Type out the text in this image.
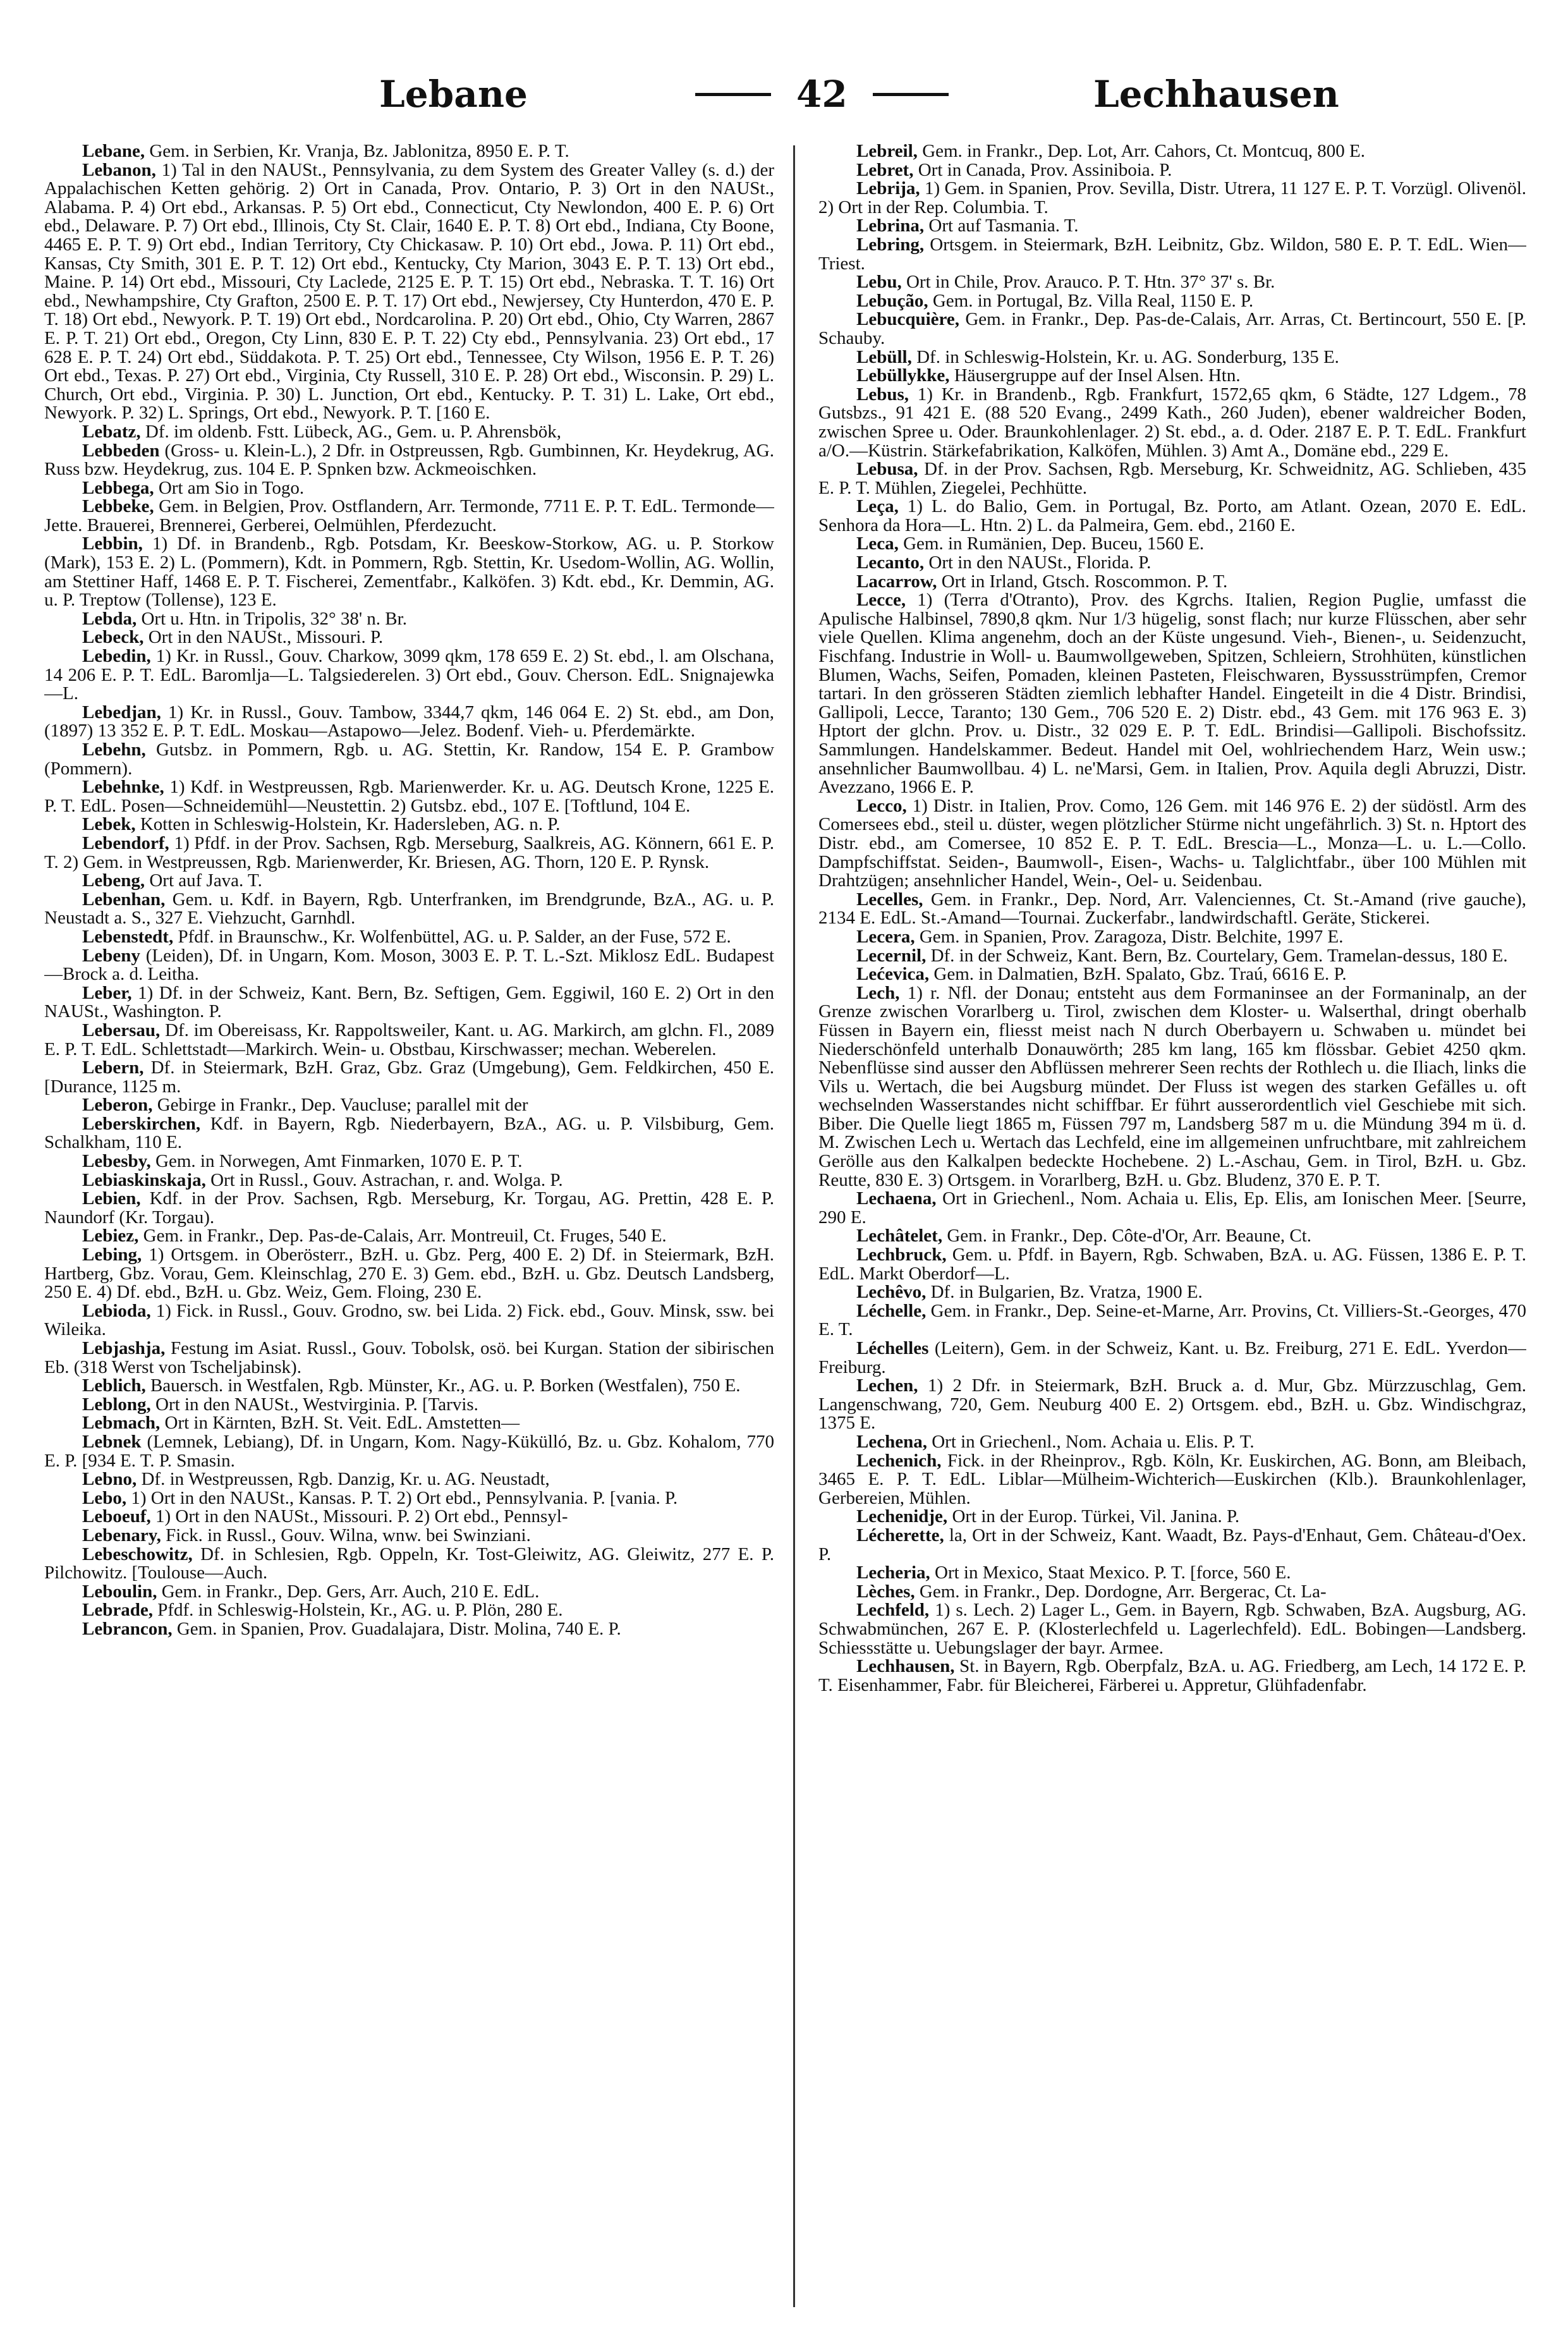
Lebane	42	Lechhausen

Lebane, Gem. in Serbien, Kr. Vranja, Bz. Jablonitza, 8950 E. P. T.

Lebanon, 1) Tal in den NAUSt., Pennsylvania, zu dem System des Greater Valley (s. d.) der Appalachischen Ketten gehörig. 2) Ort in Canada, Prov. Ontario, P. 3) Ort in den NAUSt., Alabama. P. 4) Ort ebd., Arkansas. P. 5) Ort ebd., Connecticut, Cty Newlondon, 400 E. P. 6) Ort ebd., Delaware. P. 7) Ort ebd., Illinois, Cty St. Clair, 1640 E. P. T. 8) Ort ebd., Indiana, Cty Boone, 4465 E. P. T. 9) Ort ebd., Indian Territory, Cty Chickasaw. P. 10) Ort ebd., Jowa. P. 11) Ort ebd., Kansas, Cty Smith, 301 E. P. T. 12) Ort ebd., Kentucky, Cty Marion, 3043 E. P. T. 13) Ort ebd., Maine. P. 14) Ort ebd., Missouri, Cty Laclede, 2125 E. P. T. 15) Ort ebd., Nebraska. T. T. 16) Ort ebd., Newhampshire, Cty Grafton, 2500 E. P. T. 17) Ort ebd., Newjersey, Cty Hunterdon, 470 E. P. T. 18) Ort ebd., Newyork. P. T. 19) Ort ebd., Nordcarolina. P. 20) Ort ebd., Ohio, Cty Warren, 2867 E. P. T. 21) Ort ebd., Oregon, Cty Linn, 830 E. P. T. 22) Cty ebd., Pennsylvania. 23) Ort ebd., 17 628 E. P. T. 24) Ort ebd., Süddakota. P. T. 25) Ort ebd., Tennessee, Cty Wilson, 1956 E. P. T. 26) Ort ebd., Texas. P. 27) Ort ebd., Virginia, Cty Russell, 310 E. P. 28) Ort ebd., Wisconsin. P. 29) L. Church, Ort ebd., Virginia. P. 30) L. Junction, Ort ebd., Kentucky. P. T. 31) L. Lake, Ort ebd., Newyork. P. 32) L. Springs, Ort ebd., Newyork. P. T. [160 E.

Lebatz, Df. im oldenb. Fstt. Lübeck, AG., Gem. u. P. Ahrensbök,

Lebbeden (Gross- u. Klein-L.), 2 Dfr. in Ostpreussen, Rgb. Gumbinnen, Kr. Heydekrug, AG. Russ bzw. Heydekrug, zus. 104 E. P. Spnken bzw. Ackmeoischken.

Lebbega, Ort am Sio in Togo.

Lebbeke, Gem. in Belgien, Prov. Ostflandern, Arr. Termonde, 7711 E. P. T. EdL. Termonde—Jette. Brauerei, Brennerei, Gerberei, Oelmühlen, Pferdezucht.

Lebbin, 1) Df. in Brandenb., Rgb. Potsdam, Kr. Beeskow-Storkow, AG. u. P. Storkow (Mark), 153 E. 2) L. (Pommern), Kdt. in Pommern, Rgb. Stettin, Kr. Usedom-Wollin, AG. Wollin, am Stettiner Haff, 1468 E. P. T. Fischerei, Zementfabr., Kalköfen. 3) Kdt. ebd., Kr. Demmin, AG. u. P. Treptow (Tollense), 123 E.

Lebda, Ort u. Htn. in Tripolis, 32° 38' n. Br.

Lebeck, Ort in den NAUSt., Missouri. P.

Lebedin, 1) Kr. in Russl., Gouv. Charkow, 3099 qkm, 178 659 E. 2) St. ebd., l. am Olschana, 14 206 E. P. T. EdL. Baromlja—L. Talgsiederelen. 3) Ort ebd., Gouv. Cherson. EdL. Snignajewka—L.

Lebedjan, 1) Kr. in Russl., Gouv. Tambow, 3344,7 qkm, 146 064 E. 2) St. ebd., am Don, (1897) 13 352 E. P. T. EdL. Moskau—Astapowo—Jelez. Bodenf. Vieh- u. Pferdemärkte.

Lebehn, Gutsbz. in Pommern, Rgb. u. AG. Stettin, Kr. Randow, 154 E. P. Grambow (Pommern).

Lebehnke, 1) Kdf. in Westpreussen, Rgb. Marienwerder. Kr. u. AG. Deutsch Krone, 1225 E. P. T. EdL. Posen—Schneidemühl—Neustettin. 2) Gutsbz. ebd., 107 E. [Toftlund, 104 E.

Lebek, Kotten in Schleswig-Holstein, Kr. Hadersleben, AG. n. P.

Lebendorf, 1) Pfdf. in der Prov. Sachsen, Rgb. Merseburg, Saalkreis, AG. Könnern, 661 E. P. T. 2) Gem. in Westpreussen, Rgb. Marienwerder, Kr. Briesen, AG. Thorn, 120 E. P. Rynsk.

Lebeng, Ort auf Java. T.

Lebenhan, Gem. u. Kdf. in Bayern, Rgb. Unterfranken, im Brendgrunde, BzA., AG. u. P. Neustadt a. S., 327 E. Viehzucht, Garnhdl.

Lebenstedt, Pfdf. in Braunschw., Kr. Wolfenbüttel, AG. u. P. Salder, an der Fuse, 572 E.

Lebeny (Leiden), Df. in Ungarn, Kom. Moson, 3003 E. P. T. L.-Szt. Miklosz EdL. Budapest—Brock a. d. Leitha.

Leber, 1) Df. in der Schweiz, Kant. Bern, Bz. Seftigen, Gem. Eggiwil, 160 E. 2) Ort in den NAUSt., Washington. P.

Lebersau, Df. im Obereisass, Kr. Rappoltsweiler, Kant. u. AG. Markirch, am glchn. Fl., 2089 E. P. T. EdL. Schlettstadt—Markirch. Wein- u. Obstbau, Kirschwasser; mechan. Weberelen.

Lebern, Df. in Steiermark, BzH. Graz, Gbz. Graz (Umgebung), Gem. Feldkirchen, 450 E. [Durance, 1125 m.

Leberon, Gebirge in Frankr., Dep. Vaucluse; parallel mit der

Leberskirchen, Kdf. in Bayern, Rgb. Niederbayern, BzA., AG. u. P. Vilsbiburg, Gem. Schalkham, 110 E.

Lebesby, Gem. in Norwegen, Amt Finmarken, 1070 E. P. T.

Lebiaskinskaja, Ort in Russl., Gouv. Astrachan, r. and. Wolga. P.

Lebien, Kdf. in der Prov. Sachsen, Rgb. Merseburg, Kr. Torgau, AG. Prettin, 428 E. P. Naundorf (Kr. Torgau).

Lebiez, Gem. in Frankr., Dep. Pas-de-Calais, Arr. Montreuil, Ct. Fruges, 540 E.

Lebing, 1) Ortsgem. in Oberösterr., BzH. u. Gbz. Perg, 400 E. 2) Df. in Steiermark, BzH. Hartberg, Gbz. Vorau, Gem. Kleinschlag, 270 E. 3) Gem. ebd., BzH. u. Gbz. Deutsch Landsberg, 250 E. 4) Df. ebd., BzH. u. Gbz. Weiz, Gem. Floing, 230 E.

Lebioda, 1) Fick. in Russl., Gouv. Grodno, sw. bei Lida. 2) Fick. ebd., Gouv. Minsk, ssw. bei Wileika.

Lebjashja, Festung im Asiat. Russl., Gouv. Tobolsk, osö. bei Kurgan. Station der sibirischen Eb. (318 Werst von Tscheljabinsk).

Leblich, Bauersch. in Westfalen, Rgb. Münster, Kr., AG. u. P. Borken (Westfalen), 750 E.

Leblong, Ort in den NAUSt., Westvirginia. P. [Tarvis.

Lebmach, Ort in Kärnten, BzH. St. Veit. EdL. Amstetten—

Lebnek (Lemnek, Lebiang), Df. in Ungarn, Kom. Nagy-Kükülló, Bz. u. Gbz. Kohalom, 770 E. P. [934 E. T. P. Smasin.

Lebno, Df. in Westpreussen, Rgb. Danzig, Kr. u. AG. Neustadt,

Lebo, 1) Ort in den NAUSt., Kansas. P. T. 2) Ort ebd., Pennsylvania. P. [vania. P.

Leboeuf, 1) Ort in den NAUSt., Missouri. P. 2) Ort ebd., Pennsyl-

Lebenary, Fick. in Russl., Gouv. Wilna, wnw. bei Swinziani.

Lebeschowitz, Df. in Schlesien, Rgb. Oppeln, Kr. Tost-Gleiwitz, AG. Gleiwitz, 277 E. P. Pilchowitz. [Toulouse—Auch.

Leboulin, Gem. in Frankr., Dep. Gers, Arr. Auch, 210 E. EdL.

Lebrade, Pfdf. in Schleswig-Holstein, Kr., AG. u. P. Plön, 280 E.

Lebrancon, Gem. in Spanien, Prov. Guadalajara, Distr. Molina, 740 E. P.

Lebreil, Gem. in Frankr., Dep. Lot, Arr. Cahors, Ct. Montcuq, 800 E.

Lebret, Ort in Canada, Prov. Assiniboia. P.

Lebrija, 1) Gem. in Spanien, Prov. Sevilla, Distr. Utrera, 11 127 E. P. T. Vorzügl. Olivenöl. 2) Ort in der Rep. Columbia. T.

Lebrina, Ort auf Tasmania. T.

Lebring, Ortsgem. in Steiermark, BzH. Leibnitz, Gbz. Wildon, 580 E. P. T. EdL. Wien—Triest.

Lebu, Ort in Chile, Prov. Arauco. P. T. Htn. 37° 37' s. Br.

Lebução, Gem. in Portugal, Bz. Villa Real, 1150 E. P.

Lebucquière, Gem. in Frankr., Dep. Pas-de-Calais, Arr. Arras, Ct. Bertincourt, 550 E. [P. Schauby.

Lebüll, Df. in Schleswig-Holstein, Kr. u. AG. Sonderburg, 135 E.

Lebüllykke, Häusergruppe auf der Insel Alsen. Htn.

Lebus, 1) Kr. in Brandenb., Rgb. Frankfurt, 1572,65 qkm, 6 Städte, 127 Ldgem., 78 Gutsbzs., 91 421 E. (88 520 Evang., 2499 Kath., 260 Juden), ebener waldreicher Boden, zwischen Spree u. Oder. Braunkohlenlager. 2) St. ebd., a. d. Oder. 2187 E. P. T. EdL. Frankfurt a/O.—Küstrin. Stärkefabrikation, Kalköfen, Mühlen. 3) Amt A., Domäne ebd., 229 E.

Lebusa, Df. in der Prov. Sachsen, Rgb. Merseburg, Kr. Schweidnitz, AG. Schlieben, 435 E. P. T. Mühlen, Ziegelei, Pechhütte.

Leça, 1) L. do Balio, Gem. in Portugal, Bz. Porto, am Atlant. Ozean, 2070 E. EdL. Senhora da Hora—L. Htn. 2) L. da Palmeira, Gem. ebd., 2160 E.

Leca, Gem. in Rumänien, Dep. Buceu, 1560 E.

Lecanto, Ort in den NAUSt., Florida. P.

Lacarrow, Ort in Irland, Gtsch. Roscommon. P. T.

Lecce, 1) (Terra d'Otranto), Prov. des Kgrchs. Italien, Region Puglie, umfasst die Apulische Halbinsel, 7890,8 qkm. Nur 1/3 hügelig, sonst flach; nur kurze Flüsschen, aber sehr viele Quellen. Klima angenehm, doch an der Küste ungesund. Vieh-, Bienen-, u. Seidenzucht, Fischfang. Industrie in Woll- u. Baumwollgeweben, Spitzen, Schleiern, Strohhüten, künstlichen Blumen, Wachs, Seifen, Pomaden, kleinen Pasteten, Fleischwaren, Byssusstrümpfen, Cremor tartari. In den grösseren Städten ziemlich lebhafter Handel. Eingeteilt in die 4 Distr. Brindisi, Gallipoli, Lecce, Taranto; 130 Gem., 706 520 E. 2) Distr. ebd., 43 Gem. mit 176 963 E. 3) Hptort der glchn. Prov. u. Distr., 32 029 E. P. T. EdL. Brindisi—Gallipoli. Bischofssitz. Sammlungen. Handelskammer. Bedeut. Handel mit Oel, wohlriechendem Harz, Wein usw.; ansehnlicher Baumwollbau. 4) L. ne'Marsi, Gem. in Italien, Prov. Aquila degli Abruzzi, Distr. Avezzano, 1966 E. P.

Lecco, 1) Distr. in Italien, Prov. Como, 126 Gem. mit 146 976 E. 2) der südöstl. Arm des Comersees ebd., steil u. düster, wegen plötzlicher Stürme nicht ungefährlich. 3) St. n. Hptort des Distr. ebd., am Comersee, 10 852 E. P. T. EdL. Brescia—L., Monza—L. u. L.—Collo. Dampfschiffstat. Seiden-, Baumwoll-, Eisen-, Wachs- u. Talglichtfabr., über 100 Mühlen mit Drahtzügen; ansehnlicher Handel, Wein-, Oel- u. Seidenbau.

Lecelles, Gem. in Frankr., Dep. Nord, Arr. Valenciennes, Ct. St.-Amand (rive gauche), 2134 E. EdL. St.-Amand—Tournai. Zuckerfabr., landwirdschaftl. Geräte, Stickerei.

Lecera, Gem. in Spanien, Prov. Zaragoza, Distr. Belchite, 1997 E.

Lecernil, Df. in der Schweiz, Kant. Bern, Bz. Courtelary, Gem. Tramelan-dessus, 180 E.

Lećevica, Gem. in Dalmatien, BzH. Spalato, Gbz. Traú, 6616 E. P.

Lech, 1) r. Nfl. der Donau; entsteht aus dem Formaninsee an der Formaninalp, an der Grenze zwischen Vorarlberg u. Tirol, zwischen dem Kloster- u. Walserthal, dringt oberhalb Füssen in Bayern ein, fliesst meist nach N durch Oberbayern u. Schwaben u. mündet bei Niederschönfeld unterhalb Donauwörth; 285 km lang, 165 km flössbar. Gebiet 4250 qkm. Nebenflüsse sind ausser den Abflüssen mehrerer Seen rechts der Rothlech u. die Iliach, links die Vils u. Wertach, die bei Augsburg mündet. Der Fluss ist wegen des starken Gefälles u. oft wechselnden Wasserstandes nicht schiffbar. Er führt ausserordentlich viel Geschiebe mit sich. Biber. Die Quelle liegt 1865 m, Füssen 797 m, Landsberg 587 m u. die Mündung 394 m ü. d. M. Zwischen Lech u. Wertach das Lechfeld, eine im allgemeinen unfruchtbare, mit zahlreichem Gerölle aus den Kalkalpen bedeckte Hochebene. 2) L.-Aschau, Gem. in Tirol, BzH. u. Gbz. Reutte, 830 E. 3) Ortsgem. in Vorarlberg, BzH. u. Gbz. Bludenz, 370 E. P. T.

Lechaena, Ort in Griechenl., Nom. Achaia u. Elis, Ep. Elis, am Ionischen Meer. [Seurre, 290 E.

Lechâtelet, Gem. in Frankr., Dep. Côte-d'Or, Arr. Beaune, Ct.

Lechbruck, Gem. u. Pfdf. in Bayern, Rgb. Schwaben, BzA. u. AG. Füssen, 1386 E. P. T. EdL. Markt Oberdorf—L.

Lechêvo, Df. in Bulgarien, Bz. Vratza, 1900 E.

Léchelle, Gem. in Frankr., Dep. Seine-et-Marne, Arr. Provins, Ct. Villiers-St.-Georges, 470 E. T.

Léchelles (Leitern), Gem. in der Schweiz, Kant. u. Bz. Freiburg, 271 E. EdL. Yverdon—Freiburg.

Lechen, 1) 2 Dfr. in Steiermark, BzH. Bruck a. d. Mur, Gbz. Mürzzuschlag, Gem. Langenschwang, 720, Gem. Neuburg 400 E. 2) Ortsgem. ebd., BzH. u. Gbz. Windischgraz, 1375 E.

Lechena, Ort in Griechenl., Nom. Achaia u. Elis. P. T.

Lechenich, Fick. in der Rheinprov., Rgb. Köln, Kr. Euskirchen, AG. Bonn, am Bleibach, 3465 E. P. T. EdL. Liblar—Mülheim-Wichterich—Euskirchen (Klb.). Braunkohlenlager, Gerbereien, Mühlen.

Lechenidje, Ort in der Europ. Türkei, Vil. Janina. P.

Lécherette, la, Ort in der Schweiz, Kant. Waadt, Bz. Pays-d'Enhaut, Gem. Château-d'Oex. P.

Lecheria, Ort in Mexico, Staat Mexico. P. T. [force, 560 E.

Lèches, Gem. in Frankr., Dep. Dordogne, Arr. Bergerac, Ct. La-

Lechfeld, 1) s. Lech. 2) Lager L., Gem. in Bayern, Rgb. Schwaben, BzA. Augsburg, AG. Schwabmünchen, 267 E. P. (Klosterlechfeld u. Lagerlechfeld). EdL. Bobingen—Landsberg. Schiessstätte u. Uebungslager der bayr. Armee.

Lechhausen, St. in Bayern, Rgb. Oberpfalz, BzA. u. AG. Friedberg, am Lech, 14 172 E. P. T. Eisenhammer, Fabr. für Bleicherei, Färberei u. Appretur, Glühfadenfabr.
